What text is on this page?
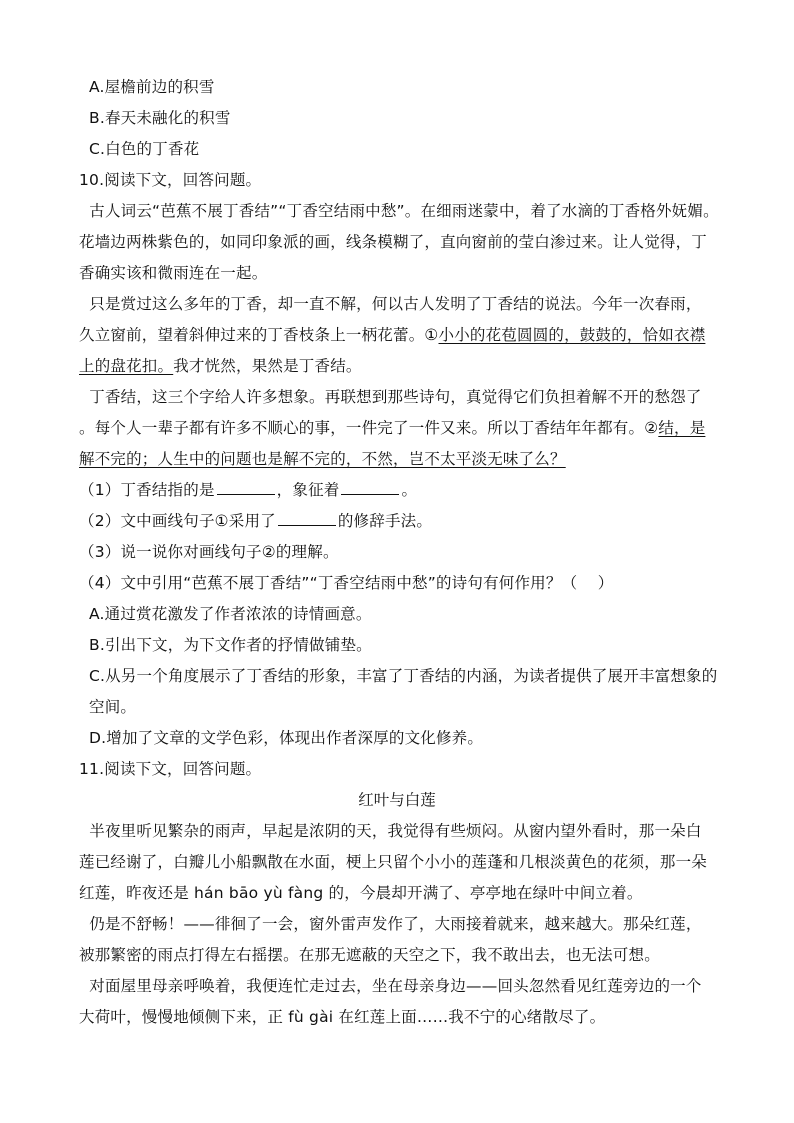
A.屋檐前边的积雪
B.春天未融化的积雪
C.白色的丁香花
10.阅读下文，回答问题。
古人词云“芭蕉不展丁香结”“丁香空结雨中愁”。在细雨迷蒙中，着了水滴的丁香格外妩媚。
花墙边两株紫色的，如同印象派的画，线条模糊了，直向窗前的莹白渗过来。让人觉得，丁
香确实该和微雨连在一起。
只是赏过这么多年的丁香，却一直不解，何以古人发明了丁香结的说法。今年一次春雨，
久立窗前，望着斜伸过来的丁香枝条上一柄花蕾。①小小的花苞圆圆的，鼓鼓的，恰如衣襟
上的盘花扣。我才恍然，果然是丁香结。
丁香结，这三个字给人许多想象。再联想到那些诗句，真觉得它们负担着解不开的愁怨了
。每个人一辈子都有许多不顺心的事，一件完了一件又来。所以丁香结年年都有。②结，是
解不完的；人生中的问题也是解不完的，不然，岂不太平淡无味了么？
（1）丁香结指的是	，象征着	。
（2）文中画线句子①采用了	的修辞手法。
（3）说一说你对画线句子②的理解。
（4）文中引用“芭蕉不展丁香结”“丁香空结雨中愁”的诗句有何作用？（    ）
A.通过赏花激发了作者浓浓的诗情画意。
B.引出下文，为下文作者的抒情做铺垫。
C.从另一个角度展示了丁香结的形象，丰富了丁香结的内涵，为读者提供了展开丰富想象的
空间。
D.增加了文章的文学色彩，体现出作者深厚的文化修养。
11.阅读下文，回答问题。
红叶与白莲
半夜里听见繁杂的雨声，早起是浓阴的天，我觉得有些烦闷。从窗内望外看时，那一朵白
莲已经谢了，白瓣儿小船飘散在水面，梗上只留个小小的莲蓬和几根淡黄色的花须，那一朵
红莲，昨夜还是 hán bāo yù fàng 的，今晨却开满了、亭亭地在绿叶中间立着。
仍是不舒畅！——徘徊了一会，窗外雷声发作了，大雨接着就来，越来越大。那朵红莲，
被那繁密的雨点打得左右摇摆。在那无遮蔽的天空之下，我不敢出去，也无法可想。
对面屋里母亲呼唤着，我便连忙走过去，坐在母亲身边——回头忽然看见红莲旁边的一个
大荷叶，慢慢地倾侧下来，正 fù gài 在红莲上面……我不宁的心绪散尽了。
